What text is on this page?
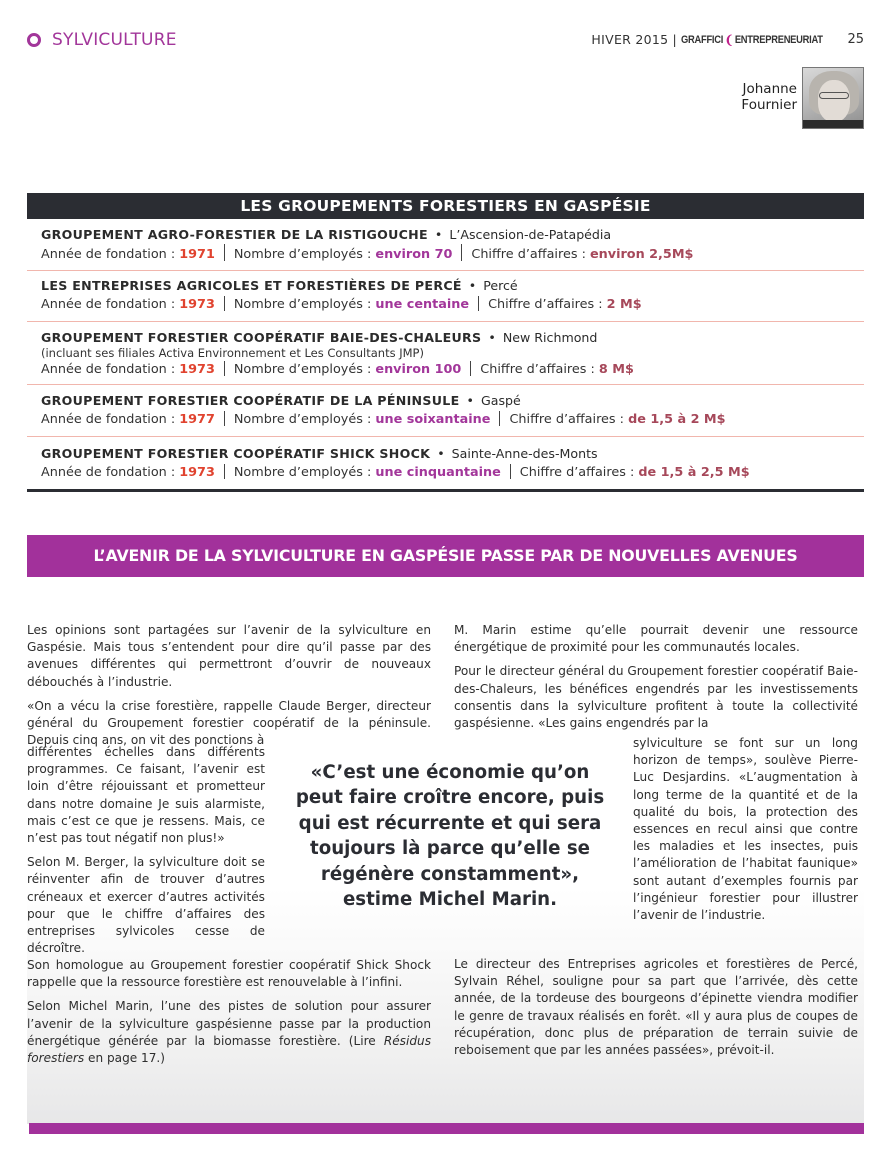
SYLVICULTURE	HIVER 2015 | GRAFFICI ❨ ENTREPRENEURIAT 25
Johanne
Fournier
LES GROUPEMENTS FORESTIERS EN GASPÉSIE
GROUPEMENT AGRO-FORESTIER DE LA RISTIGOUCHE • L’Ascension-de-Patapédia
Année de fondation : 1971 Nombre d’employés : environ 70 Chiffre d’affaires : environ 2,5M$
LES ENTREPRISES AGRICOLES ET FORESTIÈRES DE PERCÉ • Percé
Année de fondation : 1973 Nombre d’employés : une centaine Chiffre d’affaires : 2 M$
GROUPEMENT FORESTIER COOPÉRATIF BAIE-DES-CHALEURS • New Richmond
(incluant ses filiales Activa Environnement et Les Consultants JMP)
Année de fondation : 1973 Nombre d’employés : environ 100 Chiffre d’affaires : 8 M$
GROUPEMENT FORESTIER COOPÉRATIF DE LA PÉNINSULE • Gaspé
Année de fondation : 1977 Nombre d’employés : une soixantaine Chiffre d’affaires : de 1,5 à 2 M$
GROUPEMENT FORESTIER COOPÉRATIF SHICK SHOCK • Sainte-Anne-des-Monts
Année de fondation : 1973 Nombre d’employés : une cinquantaine Chiffre d’affaires : de 1,5 à 2,5 M$
L’AVENIR DE LA SYLVICULTURE EN GASPÉSIE PASSE PAR DE NOUVELLES AVENUES

Les opinions sont partagées sur l’avenir de la sylviculture en Gaspésie. Mais tous s’entendent pour dire qu’il passe par des avenues différentes qui permettront d’ouvrir de nouveaux débouchés à l’industrie.

«On a vécu la crise forestière, rappelle Claude Berger, directeur général du Groupement forestier coopératif de la péninsule. Depuis cinq ans, on vit des ponctions à

différentes échelles dans différents programmes. Ce faisant, l’avenir est loin d’être réjouissant et prometteur dans notre domaine Je suis alarmiste, mais c’est ce que je ressens. Mais, ce n’est pas tout négatif non plus!»

Selon M. Berger, la sylviculture doit se réinventer afin de trouver d’autres créneaux et exercer d’autres activités pour que le chiffre d’affaires des entreprises sylvicoles cesse de décroître.

Son homologue au Groupement forestier coopératif Shick Shock rappelle que la ressource forestière est renouvelable à l’infini.

Selon Michel Marin, l’une des pistes de solution pour assurer l’avenir de la sylviculture gaspésienne passe par la production énergétique générée par la biomasse forestière. (Lire Résidus forestiers en page 17.)

«C’est une économie qu’on peut faire croître encore, puis qui est récurrente et qui sera toujours là parce qu’elle se régénère constamment», estime Michel Marin.

M. Marin estime qu’elle pourrait devenir une ressource énergétique de proximité pour les communautés locales.

Pour le directeur général du Groupement forestier coopératif Baie-des-Chaleurs, les bénéfices engendrés par les investissements consentis dans la sylviculture profitent à toute la collectivité gaspésienne. «Les gains engendrés par la

sylviculture se font sur un long horizon de temps», soulève Pierre-Luc Desjardins. «L’augmentation à long terme de la quantité et de la qualité du bois, la protection des essences en recul ainsi que contre les maladies et les insectes, puis l’amélioration de l’habitat faunique» sont autant d’exemples fournis par l’ingénieur forestier pour illustrer l’avenir de l’industrie.

Le directeur des Entreprises agricoles et forestières de Percé, Sylvain Réhel, souligne pour sa part que l’arrivée, dès cette année, de la tordeuse des bourgeons d’épinette viendra modifier le genre de travaux réalisés en forêt. «Il y aura plus de coupes de récupération, donc plus de préparation de terrain suivie de reboisement que par les années passées», prévoit-il.
